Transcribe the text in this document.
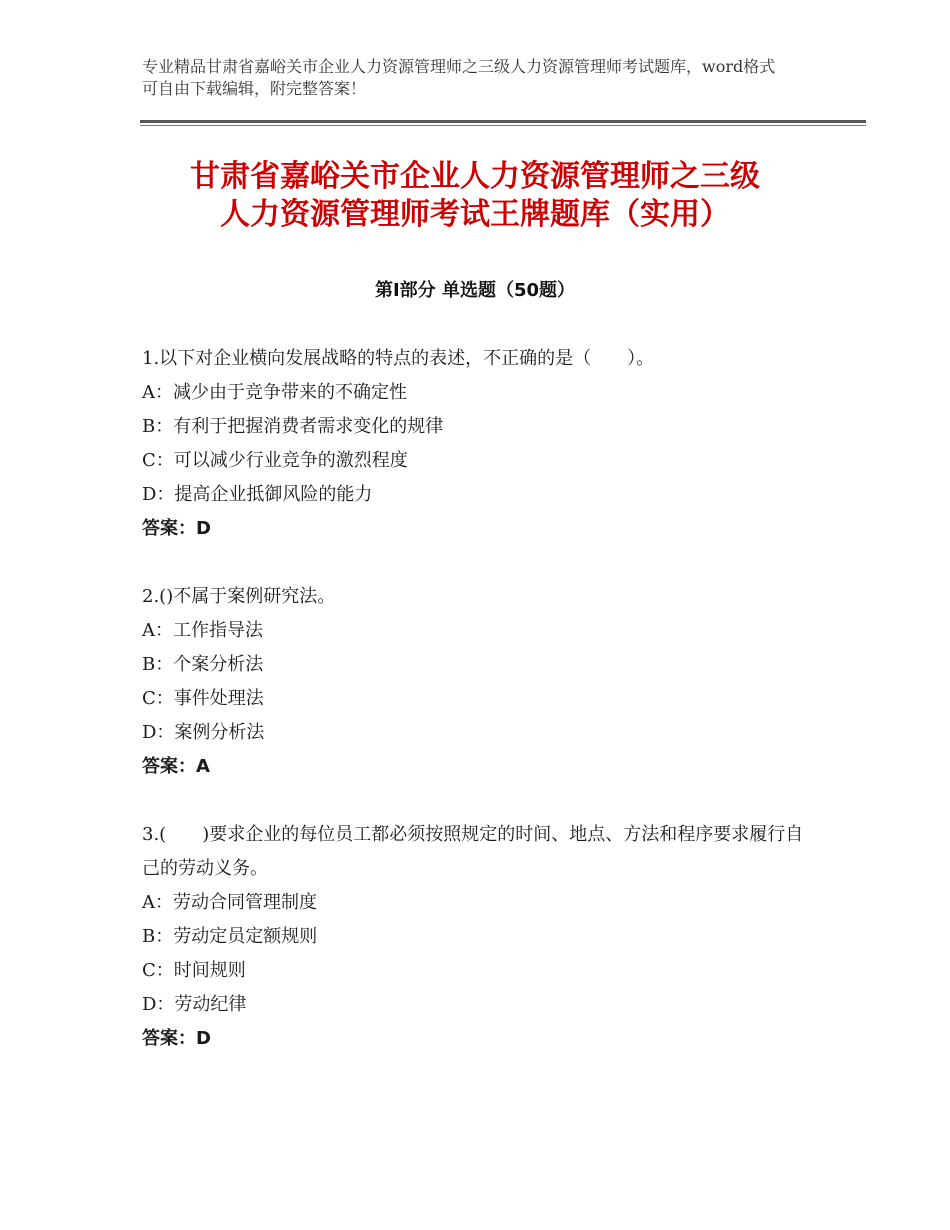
专业精品甘肃省嘉峪关市企业人力资源管理师之三级人力资源管理师考试题库，word格式可自由下载编辑，附完整答案！
甘肃省嘉峪关市企业人力资源管理师之三级
人力资源管理师考试王牌题库（实用）
第Ⅰ部分 单选题（50题）

1.以下对企业横向发展战略的特点的表述，不正确的是（　　）。

A：减少由于竞争带来的不确定性

B：有利于把握消费者需求变化的规律

C：可以减少行业竞争的激烈程度

D：提高企业抵御风险的能力

答案：D

2.()不属于案例研究法。

A：工作指导法

B：个案分析法

C：事件处理法

D：案例分析法

答案：A

3.(　　)要求企业的每位员工都必须按照规定的时间、地点、方法和程序要求履行自己的劳动义务。

A：劳动合同管理制度

B：劳动定员定额规则

C：时间规则

D：劳动纪律

答案：D
